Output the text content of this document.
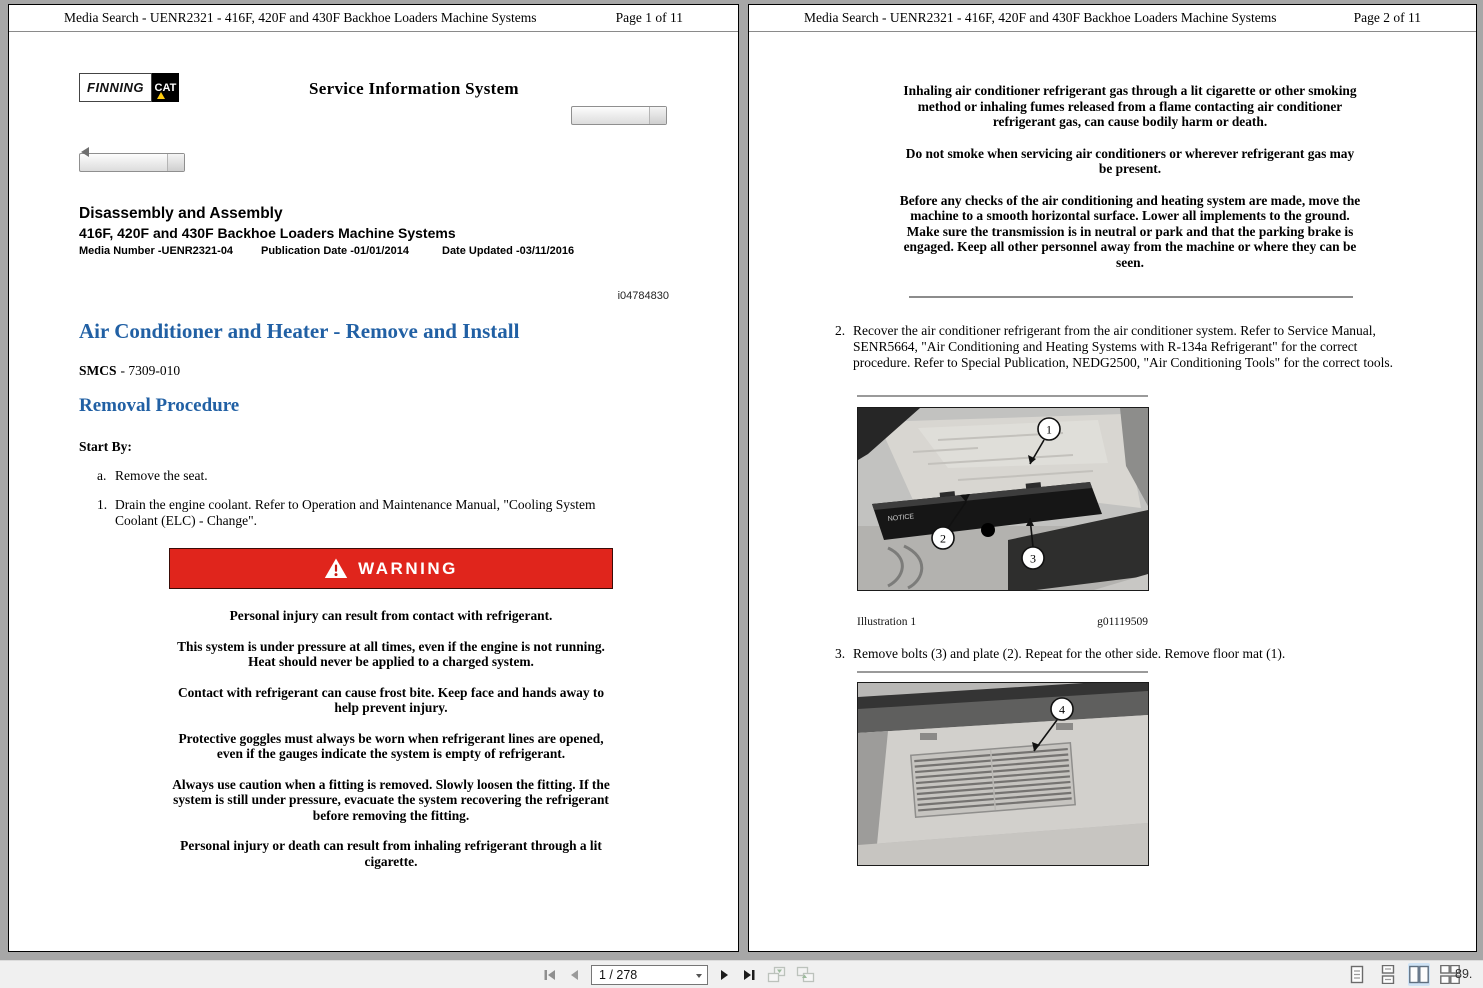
Media Search - UENR2321 - 416F, 420F and 430F Backhoe Loaders Machine Systems	Page 1 of 11
FINNING CAT	Service Information System
Disassembly and Assembly
416F, 420F and 430F Backhoe Loaders Machine Systems
Media Number -UENR2321-04	Publication Date -01/01/2014	Date Updated -03/11/2016
i04784830
Air Conditioner and Heater - Remove and Install
SMCS - 7309-010
Removal Procedure
Start By:
a. Remove the seat.
1. Drain the engine coolant. Refer to Operation and Maintenance Manual, "Cooling System Coolant (ELC) - Change".
WARNING

Personal injury can result from contact with refrigerant.

This system is under pressure at all times, even if the engine is not running. Heat should never be applied to a charged system.

Contact with refrigerant can cause frost bite. Keep face and hands away to help prevent injury.

Protective goggles must always be worn when refrigerant lines are opened, even if the gauges indicate the system is empty of refrigerant.

Always use caution when a fitting is removed. Slowly loosen the fitting. If the system is still under pressure, evacuate the system recovering the refrigerant before removing the fitting.

Personal injury or death can result from inhaling refrigerant through a lit cigarette.

Media Search - UENR2321 - 416F, 420F and 430F Backhoe Loaders Machine Systems	Page 2 of 11

Inhaling air conditioner refrigerant gas through a lit cigarette or other smoking method or inhaling fumes released from a flame contacting air conditioner refrigerant gas, can cause bodily harm or death.

Do not smoke when servicing air conditioners or wherever refrigerant gas may be present.

Before any checks of the air conditioning and heating system are made, move the machine to a smooth horizontal surface. Lower all implements to the ground. Make sure the transmission is in neutral or park and that the parking brake is engaged. Keep all other personnel away from the machine or where they can be seen.

2. Recover the air conditioner refrigerant from the air conditioner system. Refer to Service Manual, SENR5664, "Air Conditioning and Heating Systems with R-134a Refrigerant" for the correct procedure. Refer to Special Publication, NEDG2500, "Air Conditioning Tools" for the correct tools.
NOTICE
1
2
3
Illustration 1	g01119509
3. Remove bolts (3) and plate (2). Repeat for the other side. Remove floor mat (1).
4
1 / 278
89.
